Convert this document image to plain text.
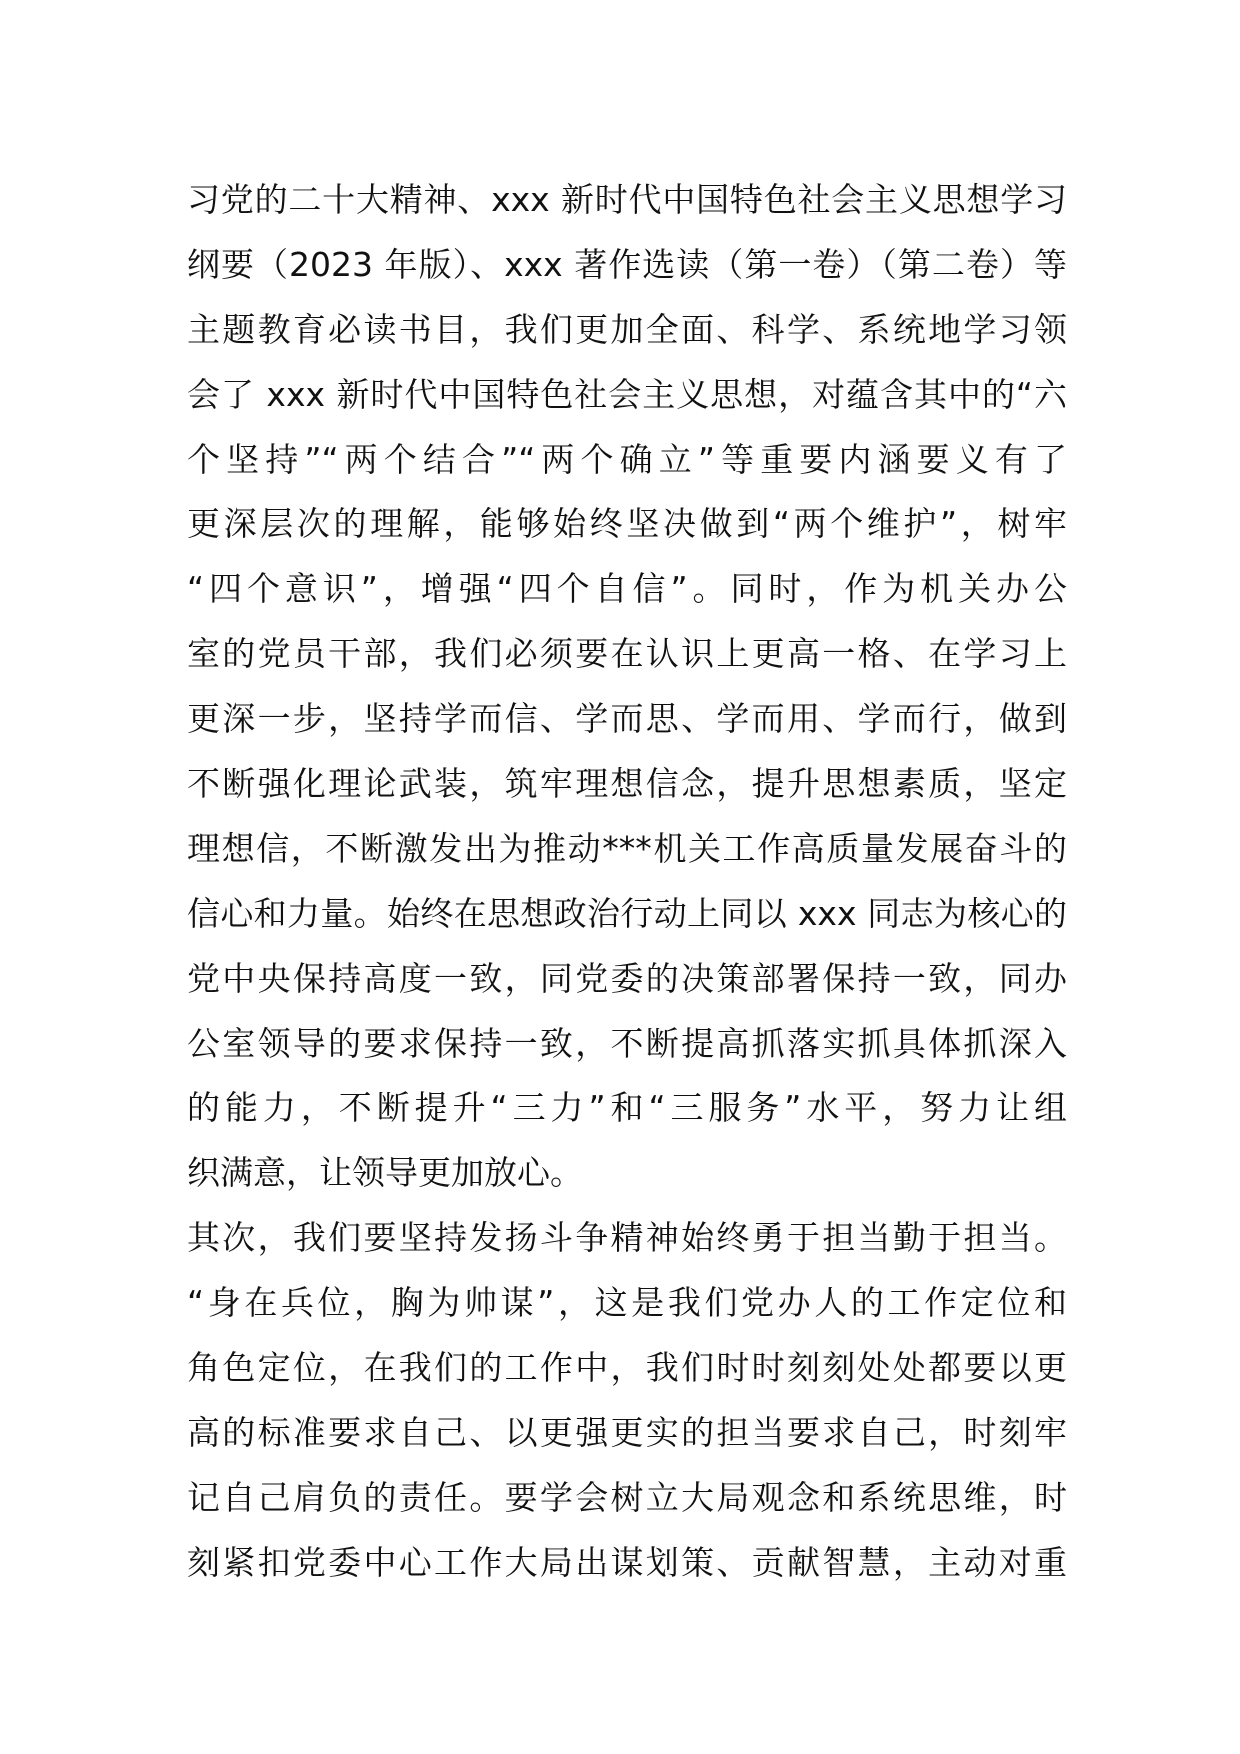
习党的二十大精神、xxx 新时代中国特色社会主义思想学习
纲要（2023 年版）、xxx 著作选读（第一卷）（第二卷）等
主题教育必读书目，我们更加全面、科学、系统地学习领
会了 xxx 新时代中国特色社会主义思想，对蕴含其中的“六
个坚持”“两个结合”“两个确立”等重要内涵要义有了
更深层次的理解，能够始终坚决做到“两个维护”，树牢
“四个意识”，增强“四个自信”。同时，作为机关办公
室的党员干部，我们必须要在认识上更高一格、在学习上
更深一步，坚持学而信、学而思、学而用、学而行，做到
不断强化理论武装，筑牢理想信念，提升思想素质，坚定
理想信，不断激发出为推动***机关工作高质量发展奋斗的
信心和力量。始终在思想政治行动上同以 xxx 同志为核心的
党中央保持高度一致，同党委的决策部署保持一致，同办
公室领导的要求保持一致，不断提高抓落实抓具体抓深入
的能力，不断提升“三力”和“三服务”水平，努力让组
织满意，让领导更加放心。
其次，我们要坚持发扬斗争精神始终勇于担当勤于担当。
“身在兵位，胸为帅谋”，这是我们党办人的工作定位和
角色定位，在我们的工作中，我们时时刻刻处处都要以更
高的标准要求自己、以更强更实的担当要求自己，时刻牢
记自己肩负的责任。要学会树立大局观念和系统思维，时
刻紧扣党委中心工作大局出谋划策、贡献智慧，主动对重
